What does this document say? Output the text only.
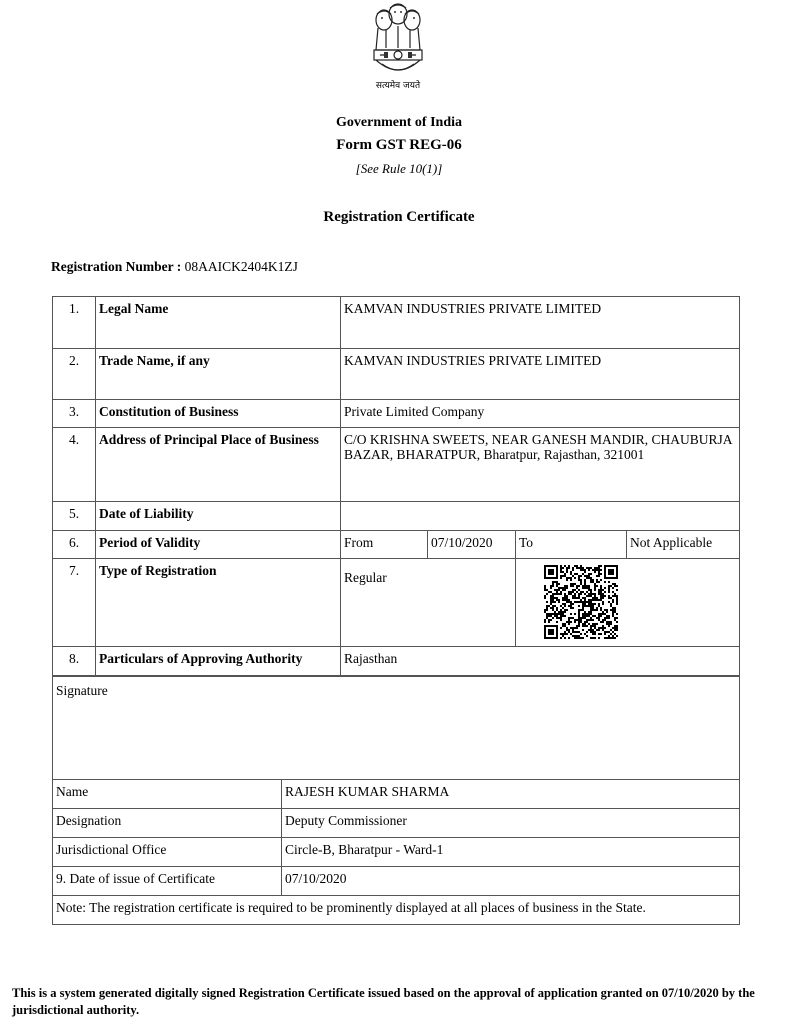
सत्यमेव जयते
Government of India
Form GST REG-06
[See Rule 10(1)]
Registration Certificate
Registration Number : 08AAICK2404K1ZJ
1.	Legal Name	KAMVAN INDUSTRIES PRIVATE LIMITED			
2.	Trade Name, if any	KAMVAN INDUSTRIES PRIVATE LIMITED			
3.	Constitution of Business	Private Limited Company			
4.	Address of Principal Place of Business	C/O KRISHNA SWEETS, NEAR GANESH MANDIR, CHAUBURJA BAZAR, BHARATPUR, Bharatpur, Rajasthan, 321001			
5.	Date of Liability				
6.	Period of Validity	From	07/10/2020	To	Not Applicable
7.	Type of Registration	Regular	

8.	Particulars of Approving Authority	Rajasthan			
Signature	
Name	RAJESH KUMAR SHARMA
Designation	Deputy Commissioner
Jurisdictional Office	Circle-B, Bharatpur - Ward-1
9. Date of issue of Certificate	07/10/2020
Note: The registration certificate is required to be prominently displayed at all places of business in the State.	
This is a system generated digitally signed Registration Certificate issued based on the approval of application granted on 07/10/2020 by the jurisdictional authority.
